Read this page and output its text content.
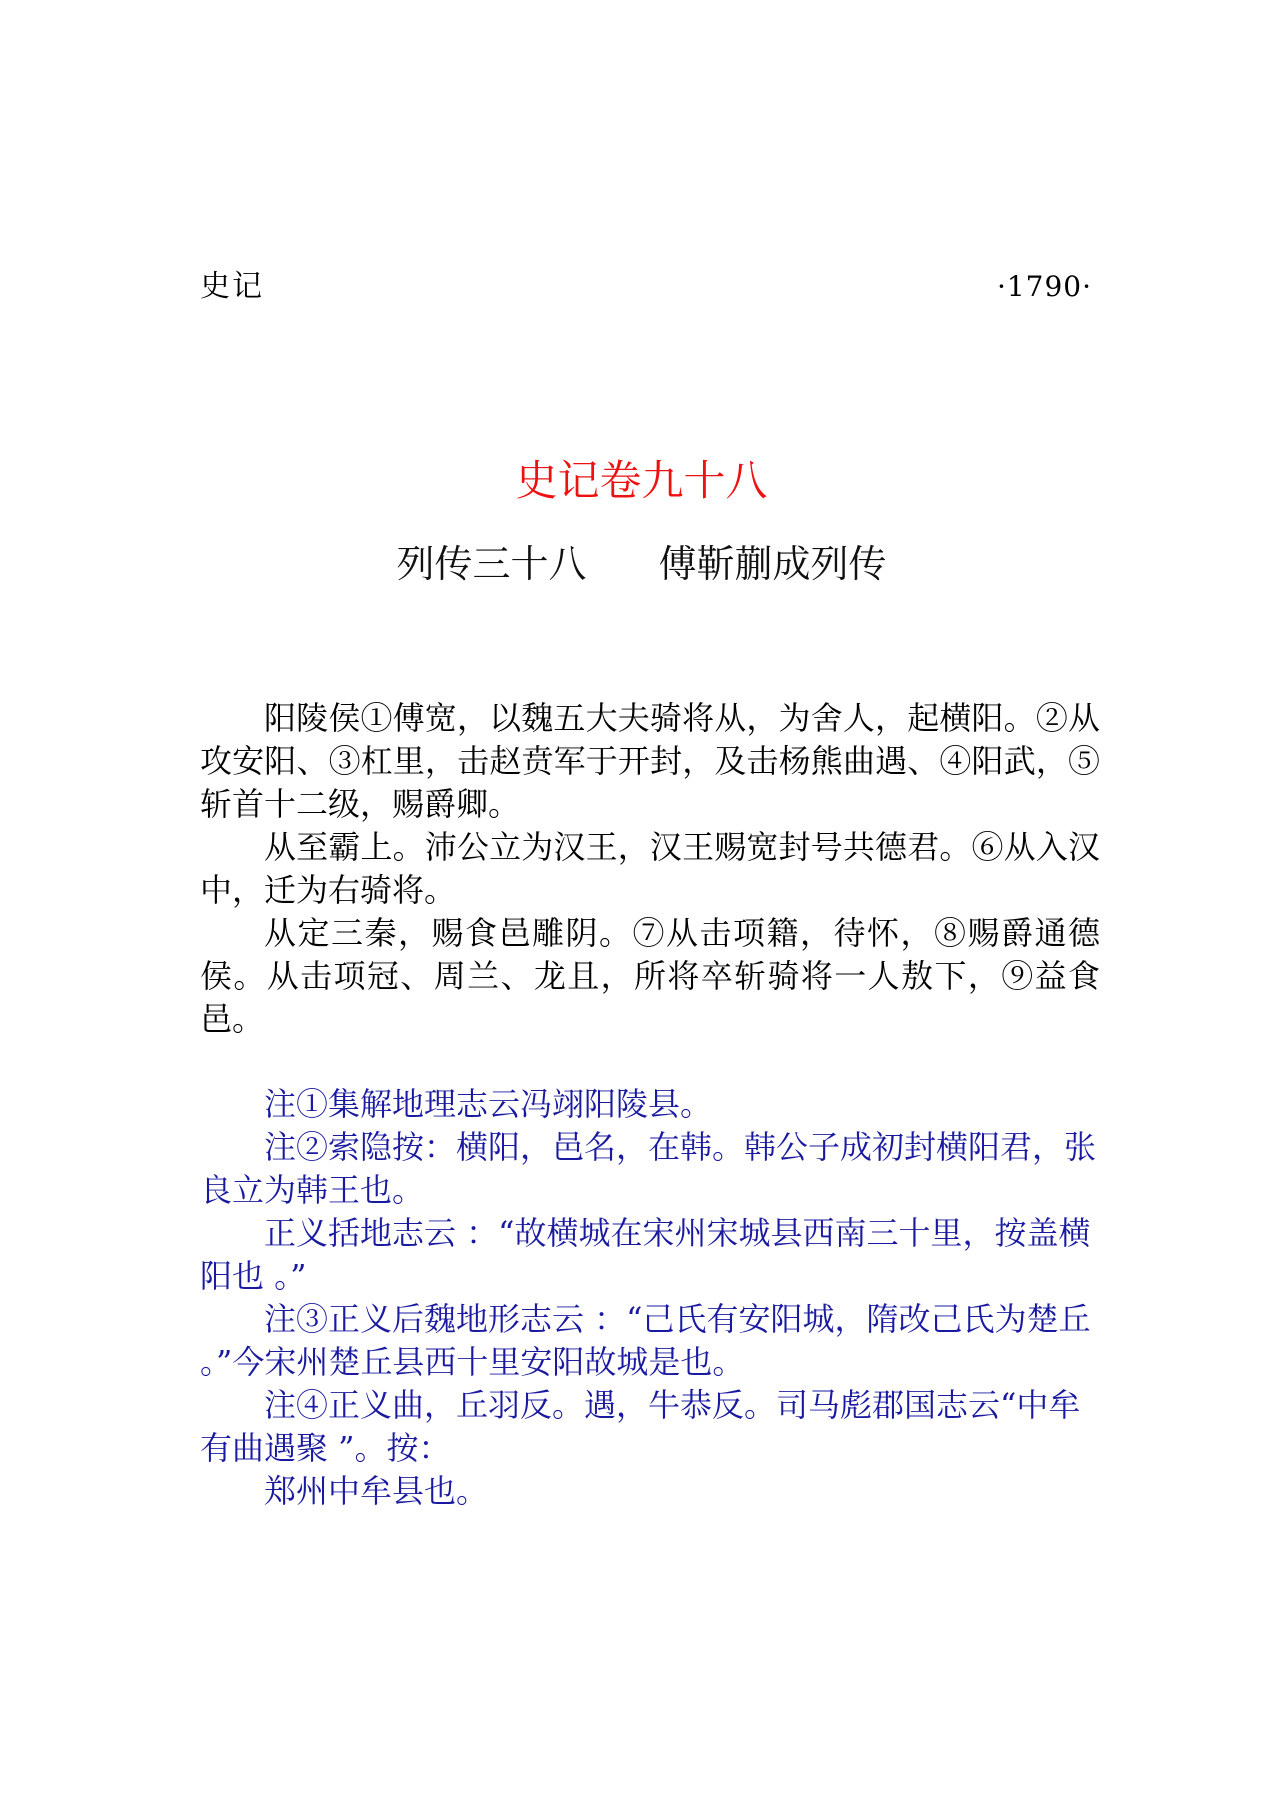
史记	·1790·
史记卷九十八
列传三十八 傅靳蒯成列传

阳陵侯①傅宽，以魏五大夫骑将从，为舍人，起横阳。②从攻安阳、③杠里，击赵贲军于开封，及击杨熊曲遇、④阳武，⑤斩首十二级，赐爵卿。

从至霸上。沛公立为汉王，汉王赐宽封号共德君。⑥从入汉中，迁为右骑将。

从定三秦，赐食邑雕阴。⑦从击项籍，待怀，⑧赐爵通德侯。从击项冠、周兰、龙且，所将卒斩骑将一人敖下，⑨益食邑。

注①集解地理志云冯翊阳陵县。

注②索隐按：横阳，邑名，在韩。韩公子成初封横阳君，张良立为韩王也。

正义括地志云 ：“故横城在宋州宋城县西南三十里，按盖横阳也 。”

注③正义后魏地形志云 ：“己氏有安阳城，隋改己氏为楚丘 。”今宋州楚丘县西十里安阳故城是也。

注④正义曲，丘羽反。遇，牛恭反。司马彪郡国志云“中牟有曲遇聚 ”。按：

郑州中牟县也。
